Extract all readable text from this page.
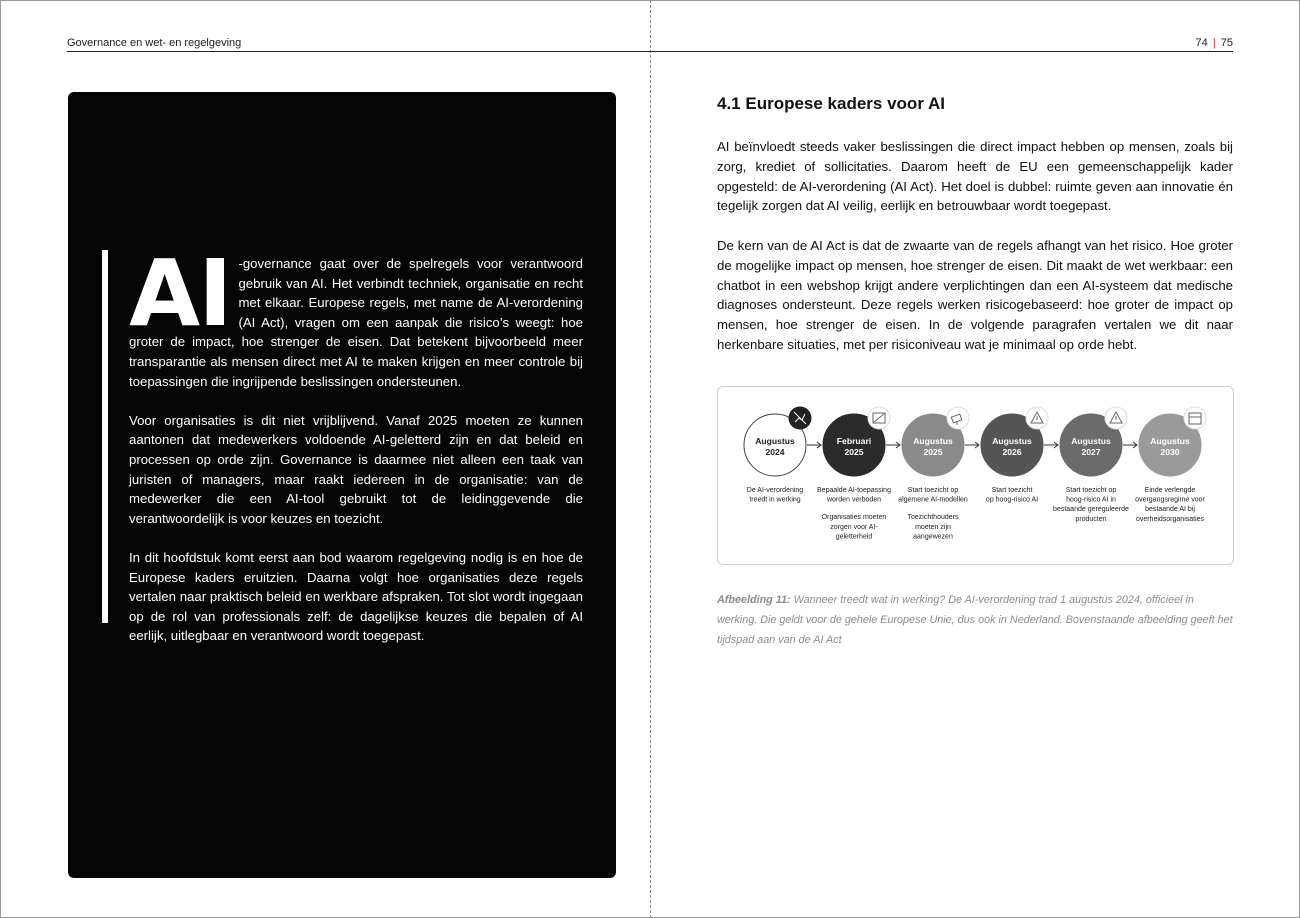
Governance en wet- en regelgeving	74 | 75

AI -governance gaat over de spelregels voor verantwoord gebruik van AI. Het verbindt techniek, organisatie en recht met elkaar. Europese regels, met name de AI-verordening (AI Act), vragen om een aanpak die risico’s weegt: hoe groter de impact, hoe strenger de eisen. Dat betekent bijvoorbeeld meer transparantie als mensen direct met AI te maken krijgen en meer controle bij toepassingen die ingrijpende beslissingen ondersteunen.

Voor organisaties is dit niet vrijblijvend. Vanaf 2025 moeten ze kunnen aantonen dat medewerkers voldoende AI-geletterd zijn en dat beleid en processen op orde zijn. Governance is daarmee niet alleen een taak van juristen of managers, maar raakt iedereen in de organisatie: van de medewerker die een AI-tool gebruikt tot de leidinggevende die verantwoordelijk is voor keuzes en toezicht.

In dit hoofdstuk komt eerst aan bod waarom regelgeving nodig is en hoe de Europese kaders eruitzien. Daarna volgt hoe organisaties deze regels vertalen naar praktisch beleid en werkbare afspraken. Tot slot wordt ingegaan op de rol van professionals zelf: de dagelijkse keuzes die bepalen of AI eerlijk, uitlegbaar en verantwoord wordt toegepast.

4.1 Europese kaders voor AI

AI beïnvloedt steeds vaker beslissingen die direct impact hebben op mensen, zoals bij zorg, krediet of sollicitaties. Daarom heeft de EU een gemeenschappelijk kader opgesteld: de AI-verordening (AI Act). Het doel is dubbel: ruimte geven aan innovatie én tegelijk zorgen dat AI veilig, eerlijk en betrouwbaar wordt toegepast.

De kern van de AI Act is dat de zwaarte van de regels afhangt van het risico. Hoe groter de mogelijke impact op mensen, hoe strenger de eisen. Dit maakt de wet werkbaar: een chatbot in een webshop krijgt andere verplichtingen dan een AI-systeem dat medische diagnoses ondersteunt. Deze regels werken risicogebaseerd: hoe groter de impact op mensen, hoe strenger de eisen. In de volgende paragrafen vertalen we dit naar herkenbare situaties, met per risiconiveau wat je minimaal op orde hebt.

Augustus
2024
De AI-verordening
treedt in werking
Februari
2025
Bepaalde AI-toepassing
worden verboden
Organisaties moeten
zorgen voor AI-
geletterheid
Augustus
2025
Start toezicht op
algemene AI-modellen
Toezichthouders
moeten zijn
aangewezen
Augustus
2026
Start toezicht
op hoog-risico AI
Augustus
2027
Start toezicht op
hoog-risico AI in
bestaande gereguleerde
producten
Augustus
2030
Einde verlengde
overgangsregime voor
bestaande AI bij
overheidsorganisaties
Afbeelding 11: Wanneer treedt wat in werking? De AI-verordening trad 1 augustus 2024, officieel in werking. Die geldt voor de gehele Europese Unie, dus ook in Nederland. Bovenstaande afbeelding geeft het tijdspad aan van de AI Act
